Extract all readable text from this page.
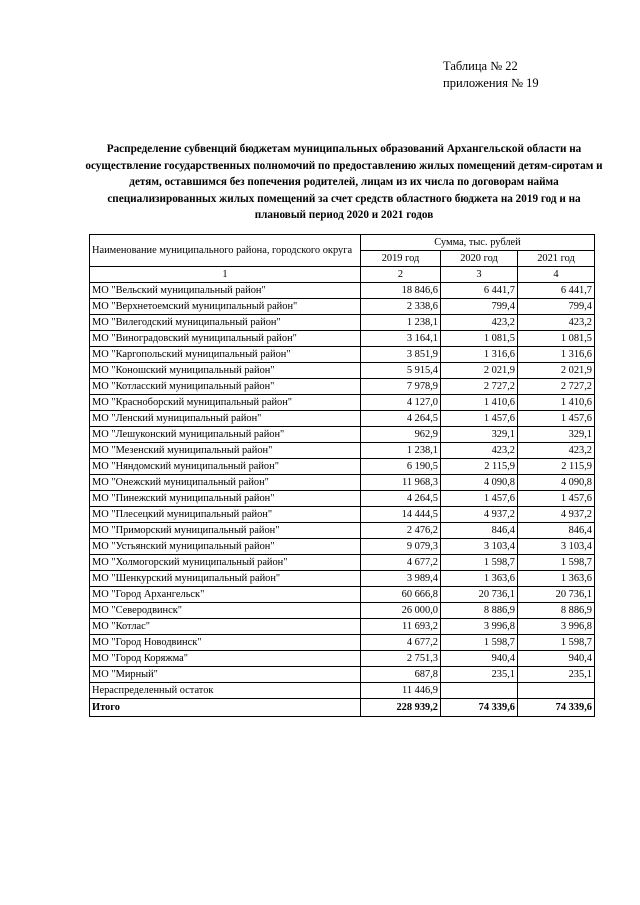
Таблица № 22
приложения № 19
Распределение субвенций бюджетам муниципальных образований Архангельской области на осуществление государственных полномочий по предоставлению жилых помещений детям-сиротам и детям, оставшимся без попечения родителей, лицам из их числа по договорам найма специализированных жилых помещений за счет средств областного бюджета на 2019 год и на плановый период 2020 и 2021 годов
Наименование муниципального района, городского округа	Сумма, тыс. рублей		
	2019 год	2020 год	2021 год
1	2	3	4
МО "Вельский муниципальный район"	18 846,6	6 441,7	6 441,7
МО "Верхнетоемский муниципальный район"	2 338,6	799,4	799,4
МО "Вилегодский муниципальный район"	1 238,1	423,2	423,2
МО "Виноградовский муниципальный район"	3 164,1	1 081,5	1 081,5
МО "Каргопольский муниципальный район"	3 851,9	1 316,6	1 316,6
МО "Коношский муниципальный район"	5 915,4	2 021,9	2 021,9
МО "Котласский муниципальный район"	7 978,9	2 727,2	2 727,2
МО "Красноборский муниципальный район"	4 127,0	1 410,6	1 410,6
МО "Ленский муниципальный район"	4 264,5	1 457,6	1 457,6
МО "Лешуконский муниципальный район"	962,9	329,1	329,1
МО "Мезенский муниципальный район"	1 238,1	423,2	423,2
МО "Няндомский муниципальный район"	6 190,5	2 115,9	2 115,9
МО "Онежский муниципальный район"	11 968,3	4 090,8	4 090,8
МО "Пинежский муниципальный район"	4 264,5	1 457,6	1 457,6
МО "Плесецкий муниципальный район"	14 444,5	4 937,2	4 937,2
МО "Приморский муниципальный район"	2 476,2	846,4	846,4
МО "Устьянский муниципальный район"	9 079,3	3 103,4	3 103,4
МО "Холмогорский муниципальный район"	4 677,2	1 598,7	1 598,7
МО "Шенкурский муниципальный район"	3 989,4	1 363,6	1 363,6
МО "Город Архангельск"	60 666,8	20 736,1	20 736,1
МО "Северодвинск"	26 000,0	8 886,9	8 886,9
МО "Котлас"	11 693,2	3 996,8	3 996,8
МО "Город Новодвинск"	4 677,2	1 598,7	1 598,7
МО "Город Коряжма"	2 751,3	940,4	940,4
МО "Мирный"	687,8	235,1	235,1
Нераспределенный остаток	11 446,9		
Итого	228 939,2	74 339,6	74 339,6
